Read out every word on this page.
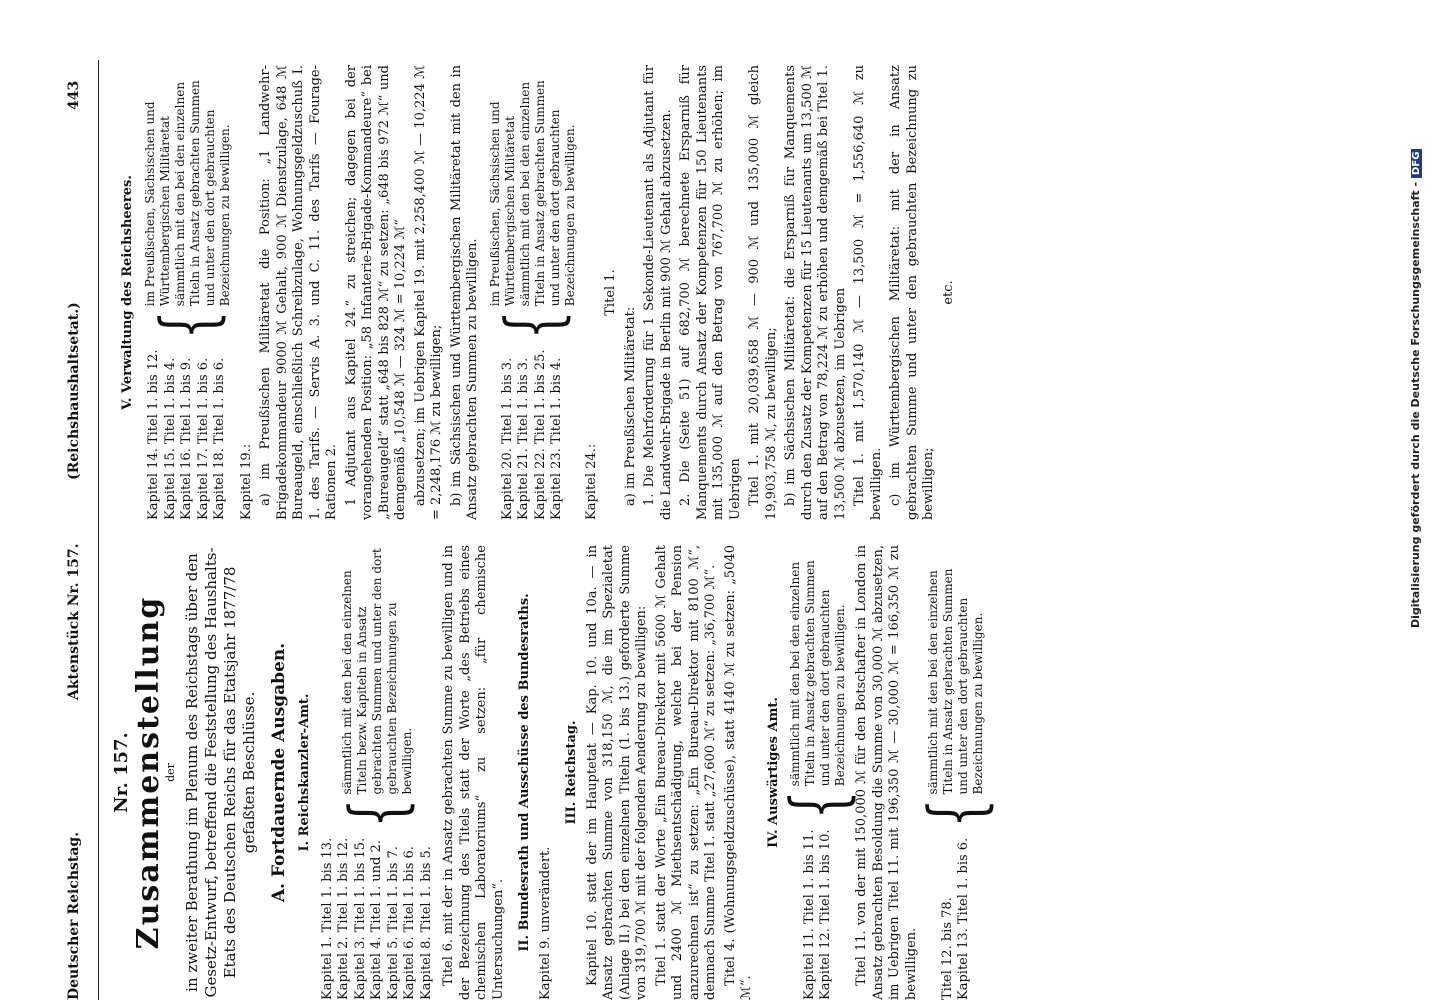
Deutscher Reichstag.
Aktenstück Nr. 157.
(Reichshaushaltsetat.)
443
Nr. 157.
Zusammenstellung
der in zweiter Berathung im Plenum des Reichstags über den Gesetz-Entwurf, betreffend die Feststellung des Haushalts-Etats des Deutschen Reichs für das Etatsjahr 1877/78 gefaßten Beschlüsse. A. Fortdauernde Ausgaben. I. Reichskanzler-Amt.
Kapitel 1. Titel 1. bis 13. Kapitel 2. Titel 1. bis 12. Kapitel 3. Titel 1. bis 15. Kapitel 4. Titel 1. und 2. Kapitel 5. Titel 1. bis 7. Kapitel 6. Titel 1. bis 6. Kapitel 8. Titel 1. bis 5.
{
sämmtlich mit den bei den einzelnen Titeln bezw. Kapiteln in Ansatz gebrachten Summen und unter den dort gebrauchten Bezeichnungen zu bewilligen. Titel 6. mit der in Ansatz gebrachten Summe zu bewilligen und in der Bezeichnung des Titels statt der Worte „des Betriebs eines chemischen Laboratoriums“ zu setzen: „für chemische Untersuchungen“. II. Bundesrath und Ausschüsse des Bundesraths. Kapitel 9. unverändert.

III. Reichstag. Kapitel 10. statt der im Hauptetat — Kap. 10. und 10a. — in Ansatz gebrachten Summe von 318,150 ℳ, die im Spezialetat (Anlage II.) bei den einzelnen Titeln (1. bis 13.) geforderte Summe von 319,700 ℳ mit der folgenden Aenderung zu bewilligen: Titel 1. statt der Worte „Ein Bureau-Direktor mit 5600 ℳ Gehalt und 2400 ℳ Miethsentschädigung, welche bei der Pension anzurechnen ist“ zu setzen: „Ein Bureau-Direktor mit 8100 ℳ“, demnach Summe Titel 1. statt „27,600 ℳ“ zu setzen: „36,700 ℳ“. Titel 4. (Wohnungsgeldzuschüsse), statt 4140 ℳ zu setzen: „5040 ℳ“.

IV. Auswärtiges Amt.
Kapitel 11. Titel 1. bis 11. Kapitel 12. Titel 1. bis 10.
{
sämmtlich mit den bei den einzelnen Titeln in Ansatz gebrachten Summen und unter den dort gebrauchten Bezeichnungen zu bewilligen. Titel 11. von der mit 150,000 ℳ für den Botschafter in London in Ansatz gebrachten Besoldung die Summe von 30,000 ℳ abzusetzen, im Uebrigen Titel 11. mit 196,350 ℳ — 30,000 ℳ = 166,350 ℳ zu bewilligen. Titel 12. bis 78. Kapitel 13. Titel 1. bis 6.
{
sämmtlich mit den bei den einzelnen Titeln in Ansatz gebrachten Summen und unter den dort gebrauchten Bezeichnungen zu bewilligen.
V. Verwaltung des Reichsheeres.
Kapitel 14. Titel 1. bis 12. Kapitel 15. Titel 1. bis 4. Kapitel 16. Titel 1. bis 9. Kapitel 17. Titel 1. bis 6. Kapitel 18. Titel 1. bis 6.
{
im Preußischen, Sächsischen und Württembergischen Militäretat sämmtlich mit den bei den einzelnen Titeln in Ansatz gebrachten Summen und unter den dort gebrauchten Bezeichnungen zu bewilligen.

Kapitel 19.: a) im Preußischen Militäretat die Position: „1 Landwehr-Brigadekommandeur 9000 ℳ Gehalt, 900 ℳ Dienstzulage, 648 ℳ Bureaugeld, einschließlich Schreibzulage, Wohnungsgeldzuschuß I. 1. des Tarifs. — Servis A. 3. und C. 11. des Tarifs — Fourage-Rationen 2. 1 Adjutant aus Kapitel 24.“ zu streichen; dagegen bei der vorangehenden Position: „58 Infanterie-Brigade-Kommandeure“ bei „Bureaugeld“ statt „648 bis 828 ℳ“ zu setzen: „648 bis 972 ℳ“ und demgemäß „10,548 ℳ — 324 ℳ = 10,224 ℳ“ abzusetzen; im Uebrigen Kapitel 19. mit 2,258,400 ℳ — 10,224 ℳ = 2,248,176 ℳ zu bewilligen; b) im Sächsischen und Württembergischen Militäretat mit den in Ansatz gebrachten Summen zu bewilligen. Kapitel 20. Titel 1. bis 3. Kapitel 21. Titel 1. bis 3. Kapitel 22. Titel 1. bis 25. Kapitel 23. Titel 1. bis 4.
{
im Preußischen, Sächsischen und Württembergischen Militäretat sämmtlich mit den bei den einzelnen Titeln in Ansatz gebrachten Summen und unter den dort gebrauchten Bezeichnungen zu bewilligen.

Kapitel 24.:

Titel 1.

a) im Preußischen Militäretat: 1. Die Mehrforderung für 1 Sekonde-Lieutenant als Adjutant für die Landwehr-Brigade in Berlin mit 900 ℳ Gehalt abzusetzen. 2. Die (Seite 51) auf 682,700 ℳ berechnete Ersparniß für Manquements durch Ansatz der Kompetenzen für 150 Lieutenants mit 135,000 ℳ auf den Betrag von 767,700 ℳ zu erhöhen; im Uebrigen Titel 1. mit 20,039,658 ℳ — 900 ℳ und 135,000 ℳ gleich 19,903,758 ℳ, zu bewilligen; b) im Sächsischen Militäretat: die Ersparniß für Manquements durch den Zusatz der Kompetenzen für 15 Lieutenants um 13,500 ℳ auf den Betrag von 78,224 ℳ zu erhöhen und demgemäß bei Titel 1. 13,500 ℳ abzusetzen, im Uebrigen Titel 1. mit 1,570,140 ℳ — 13,500 ℳ = 1,556,640 ℳ zu bewilligen. c) im Württembergischen Militäretat: mit der in Ansatz gebrachten Summe und unter den gebrauchten Bezeichnung zu bewilligen;

etc.	Digitalisierung gefördert durch die Deutsche Forschungsgemeinschaft -DFG
